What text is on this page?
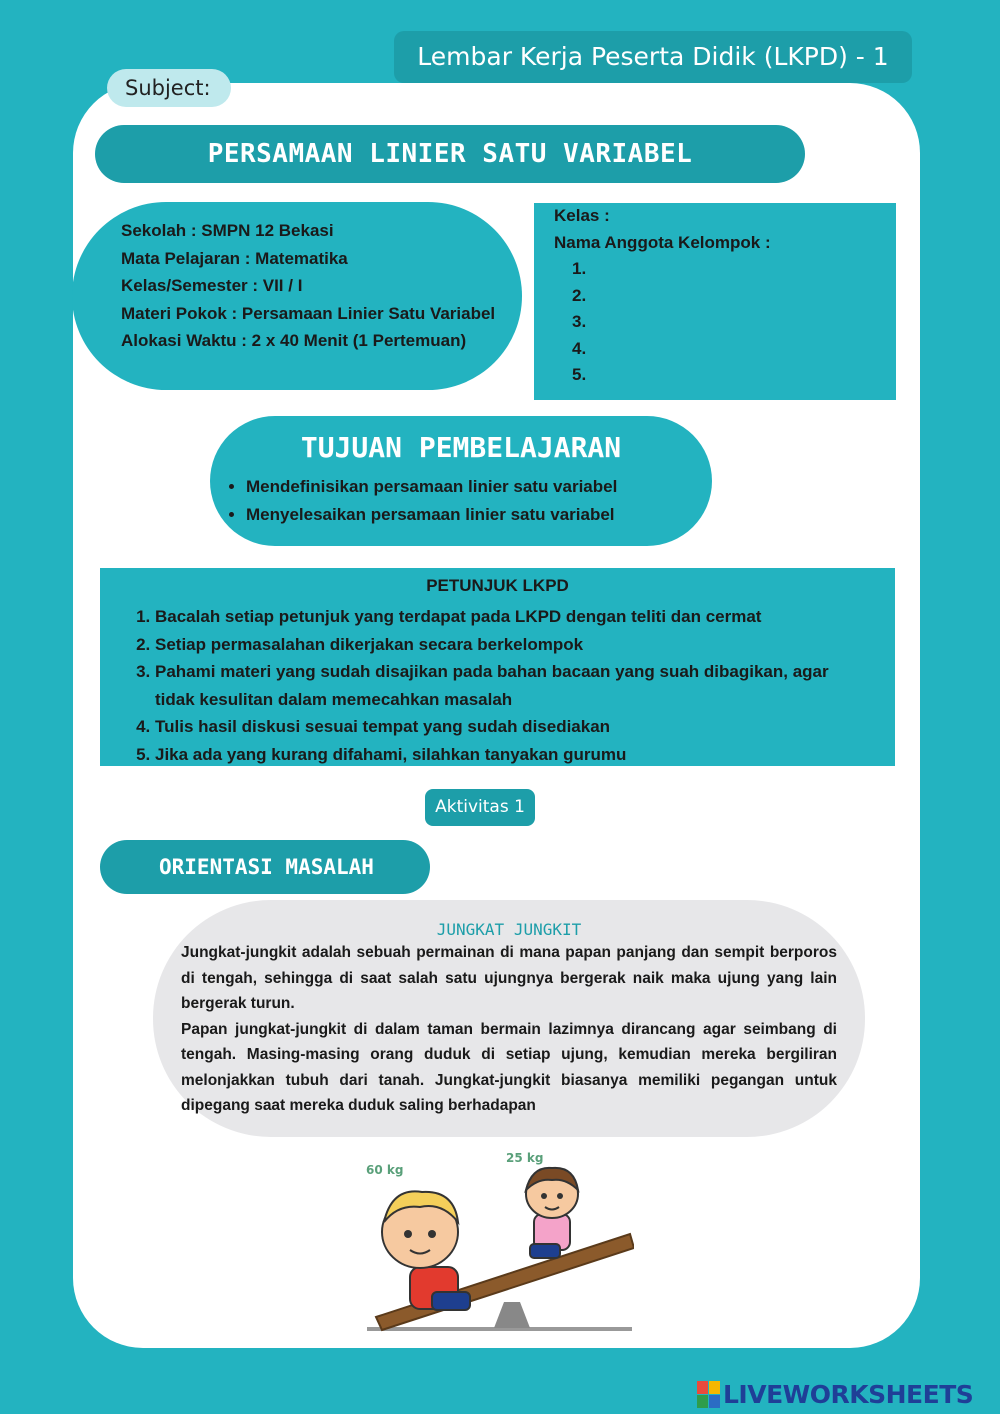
Lembar Kerja Peserta Didik (LKPD) - 1
Subject:
PERSAMAAN LINIER SATU VARIABEL
Sekolah : SMPN 12 Bekasi
Mata Pelajaran : Matematika
Kelas/Semester : VII / I
Materi Pokok : Persamaan Linier Satu Variabel
Alokasi Waktu : 2 x 40 Menit (1 Pertemuan)
Kelas :
Nama Anggota Kelompok :
1.
2.
3.
4.
5.
TUJUAN PEMBELAJARAN
• Mendefinisikan persamaan linier satu variabel
• Menyelesaikan persamaan linier satu variabel
PETUNJUK LKPD
1. Bacalah setiap petunjuk yang terdapat pada LKPD dengan teliti dan cermat
2. Setiap permasalahan dikerjakan secara berkelompok
3. Pahami materi yang sudah disajikan pada bahan bacaan yang suah dibagikan, agar tidak kesulitan dalam memecahkan masalah
4. Tulis hasil diskusi sesuai tempat yang sudah disediakan
5. Jika ada yang kurang difahami, silahkan tanyakan gurumu
Aktivitas 1
ORIENTASI MASALAH
JUNGKAT JUNGKIT

Jungkat-jungkit adalah sebuah permainan di mana papan panjang dan sempit berporos di tengah, sehingga di saat salah satu ujungnya bergerak naik maka ujung yang lain bergerak turun.

Papan jungkat-jungkit di dalam taman bermain lazimnya dirancang agar seimbang di tengah. Masing-masing orang duduk di setiap ujung, kemudian mereka bergiliran melonjakkan tubuh dari tanah. Jungkat-jungkit biasanya memiliki pegangan untuk dipegang saat mereka duduk saling berhadapan

60 kg
25 kg
LIVEWORKSHEETS
